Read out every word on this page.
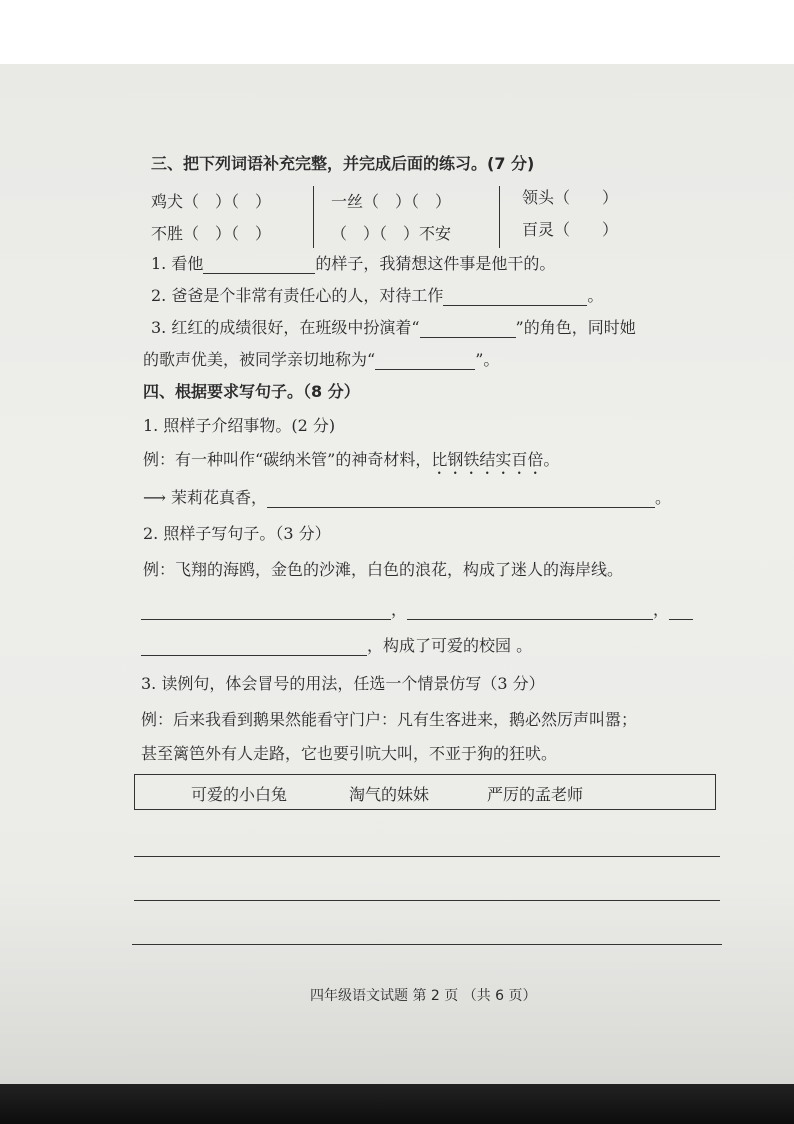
三、把下列词语补充完整，并完成后面的练习。(7 分)
鸡犬（　）（　）	一丝（　）（　）	领头（　　）
不胜（　）（　）	（　）（　）不安	百灵（　　）
1. 看他	的样子，我猜想这件事是他干的。
2. 爸爸是个非常有责任心的人，对待工作	。
3. 红红的成绩很好，在班级中扮演着“	”的角色，同时她
的歌声优美，被同学亲切地称为“	”。
四、根据要求写句子。（8 分）
1. 照样子介绍事物。(2 分)
例：有一种叫作“碳纳米管”的神奇材料，比钢铁结实百倍。
⟶ 茉莉花真香，	。
2. 照样子写句子。（3 分）
例：飞翔的海鸥，金色的沙滩，白色的浪花，构成了迷人的海岸线。
，	，
，构成了可爱的校园 。
3. 读例句，体会冒号的用法，任选一个情景仿写（3 分）
例：后来我看到鹅果然能看守门户：凡有生客进来，鹅必然厉声叫嚣；
甚至篱笆外有人走路，它也要引吭大叫，不亚于狗的狂吠。
可爱的小白兔	淘气的妹妹	严厉的孟老师
四年级语文试题 第 2 页 （共 6 页）
